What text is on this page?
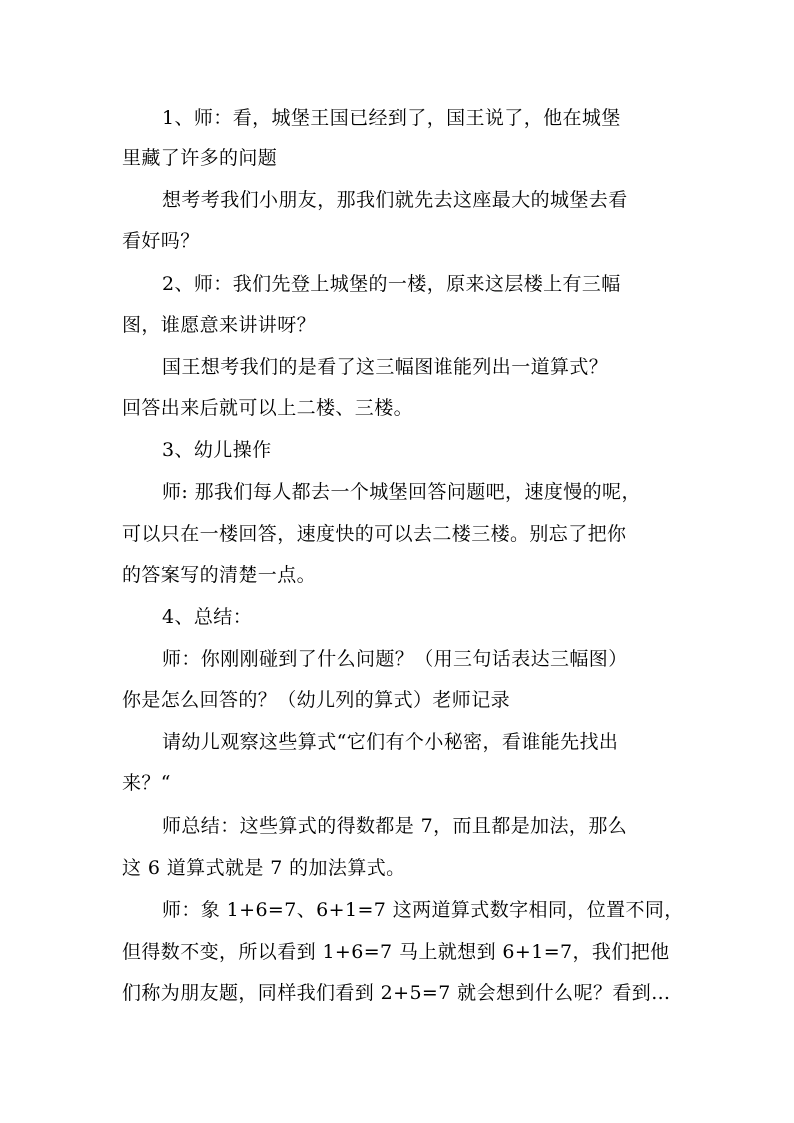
1、师：看，城堡王国已经到了，国王说了，他在城堡
里藏了许多的问题
想考考我们小朋友，那我们就先去这座最大的城堡去看
看好吗？
2、师：我们先登上城堡的一楼，原来这层楼上有三幅
图，谁愿意来讲讲呀？
国王想考我们的是看了这三幅图谁能列出一道算式？
回答出来后就可以上二楼、三楼。
3、幼儿操作
师: 那我们每人都去一个城堡回答问题吧，速度慢的呢，
可以只在一楼回答，速度快的可以去二楼三楼。别忘了把你
的答案写的清楚一点。
4、总结：
师：你刚刚碰到了什么问题？（用三句话表达三幅图）
你是怎么回答的？（幼儿列的算式）老师记录
请幼儿观察这些算式“它们有个小秘密，看谁能先找出
来？“
师总结：这些算式的得数都是 7，而且都是加法，那么
这 6 道算式就是 7 的加法算式。
师：象 1+6=7、6+1=7 这两道算式数字相同，位置不同，
但得数不变，所以看到 1+6=7 马上就想到 6+1=7，我们把他
们称为朋友题，同样我们看到 2+5=7 就会想到什么呢？看到…
